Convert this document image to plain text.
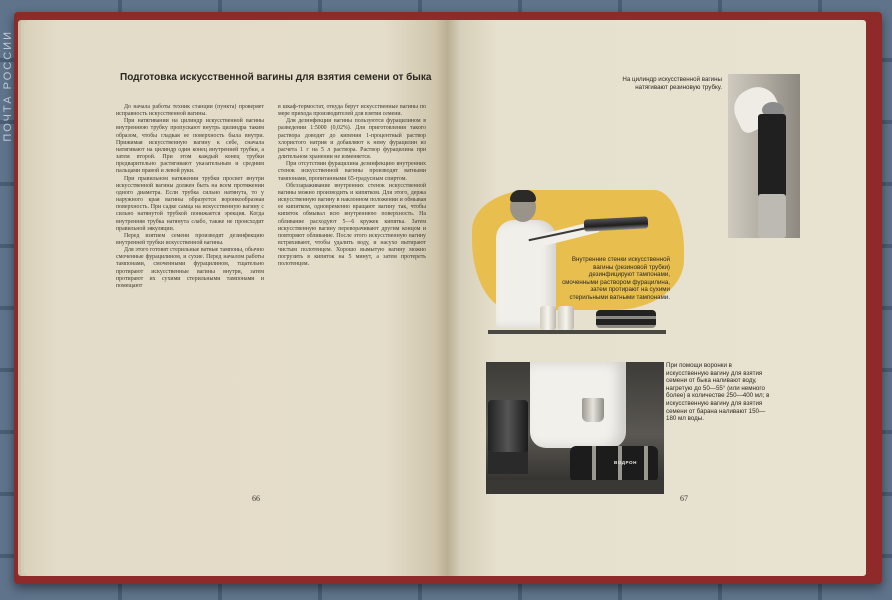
ПОЧТА РОССИИ	Подготовка искусственной вагины для взятия семени от быка

До начала работы техник станции (пункта) проверяет исправность искусственной вагины.

При натягивании на цилиндр искусственной вагины внутреннюю трубку пропускают внутрь цилиндра таким образом, чтобы гладкая ее поверхность была внутри. Прижимая искусственную вагину к себе, сначала натягивают на цилиндр один конец внутренней трубки, а затем второй. При этом каждый конец трубки предварительно растягивают указательным и средним пальцами правой и левой руки.

При правильном натяжении трубки просвет внутри искусственной вагины должен быть на всем протяжении одного диаметра. Если трубка сильно натянута, то у наружного края вагины образуется воронкообразная поверхность. При садке самца на искусственную вагину с сильно натянутой трубкой понижается эрекция. Когда внутренняя трубка натянута слабо, также не происходит правильной эякуляции.

Перед взятием семени производят дезинфекцию внутренней трубки искусственной вагины.

Для этого готовят стерильные ватные тампоны, обычно смоченные фурацилином, и сухие. Перед началом работы тампонами, смоченными фурацилином, тщательно протирают искусственные вагины внутри, затем протирают их сухими стерильными тампонами и помещают

в шкаф-термостат, откуда берут искусственные вагины по мере прихода производителей для взятия семени.

Для дезинфекции вагины пользуются фурацилином в разведении 1:5000 (0,02%). Для приготовления такого раствора доводят до кипения 1-процентный раствор хлористого натрия и добавляют к нему фурацилин из расчета 1 г на 5 л раствора. Раствор фурацилина при длительном хранении не изменяется.

При отсутствии фурацилина дезинфекцию внутренних стенок искусственной вагины производят ватными тампонами, пропитанными 65-градусным спиртом.

Обеззараживание внутренних стенок искусственной вагины можно производить и кипятком. Для этого, держа искусственную вагину в наклонном положении и обмывая ее кипятком, одновременно вращают вагину так, чтобы кипяток обмывал всю внутреннюю поверхность. На обливание расходуют 5—6 кружек кипятка. Затем искусственную вагину переворачивают другим концом и повторяют обливание. После этого искусственную вагину встряхивают, чтобы удалить воду, и насухо вытирают чистым полотенцем. Хорошо вымытую вагину можно погрузить в кипяток на 5 минут, а затем протереть полотенцем.

66
На цилиндр искусственной вагины натягивают резиновую трубку.
Внутренние стенки искусственной вагины (резиновой трубки) дезинфицируют тампонами, смоченными раствором фурацилина, затем протирают на сухими стерильными ватными тампонами.
ВОДРОН
При помощи воронки в искусственную вагину для взятия семени от быка наливают воду, нагретую до 50—55° (или немного более) в количестве 250—400 мл; в искусственную вагину для взятия семени от барана наливают 150—180 мл воды.
67
